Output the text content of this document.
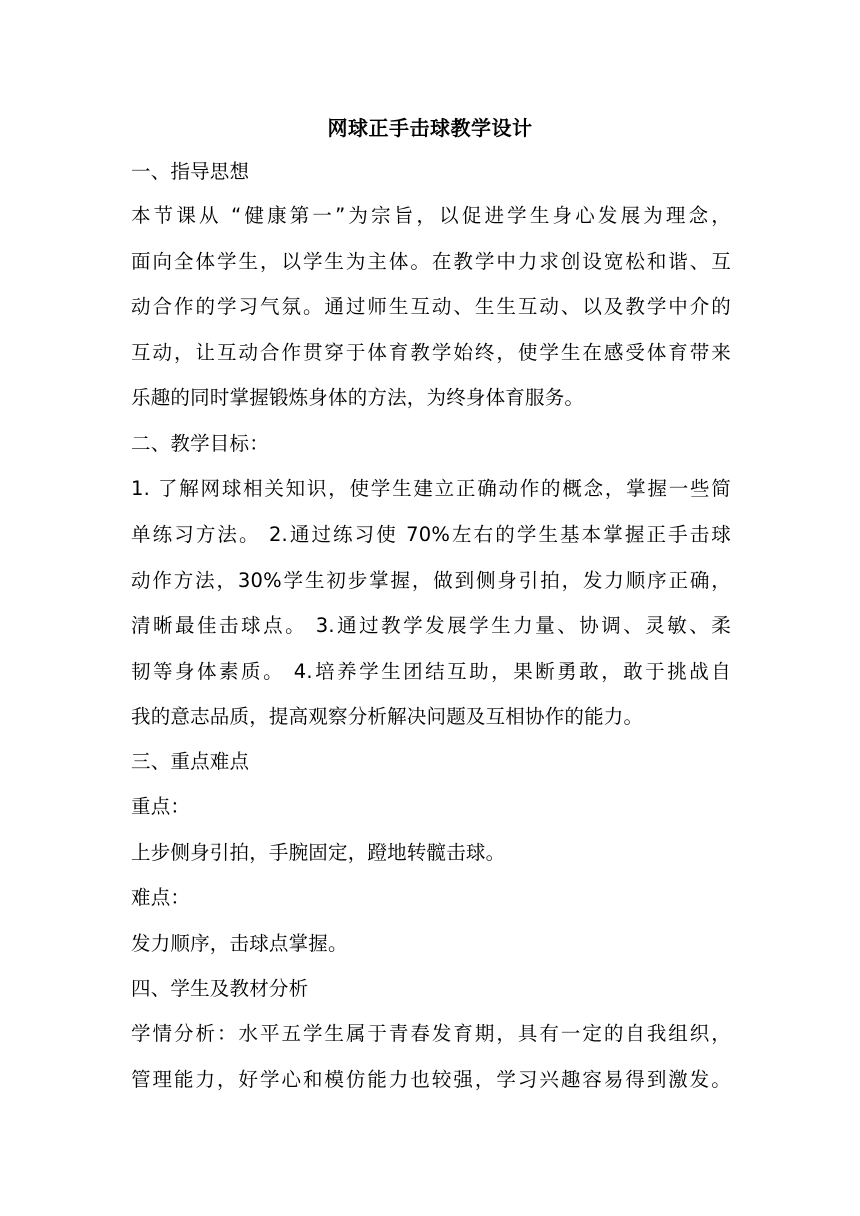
网球正手击球教学设计
一、指导思想
本节课从 “健康第一”为宗旨，以促进学生身心发展为理念，
面向全体学生，以学生为主体。在教学中力求创设宽松和谐、互
动合作的学习气氛。通过师生互动、生生互动、以及教学中介的
互动，让互动合作贯穿于体育教学始终，使学生在感受体育带来
乐趣的同时掌握锻炼身体的方法，为终身体育服务。
二、教学目标：
1. 了解网球相关知识，使学生建立正确动作的概念，掌握一些简
单练习方法。 2.通过练习使 70%左右的学生基本掌握正手击球
动作方法，30%学生初步掌握，做到侧身引拍，发力顺序正确，
清晰最佳击球点。 3.通过教学发展学生力量、协调、灵敏、柔
韧等身体素质。 4.培养学生团结互助，果断勇敢，敢于挑战自
我的意志品质，提高观察分析解决问题及互相协作的能力。
三、重点难点
重点：
上步侧身引拍，手腕固定，蹬地转髋击球。
难点：
发力顺序，击球点掌握。
四、学生及教材分析
学情分析：水平五学生属于青春发育期，具有一定的自我组织，
管理能力，好学心和模仿能力也较强，学习兴趣容易得到激发。
